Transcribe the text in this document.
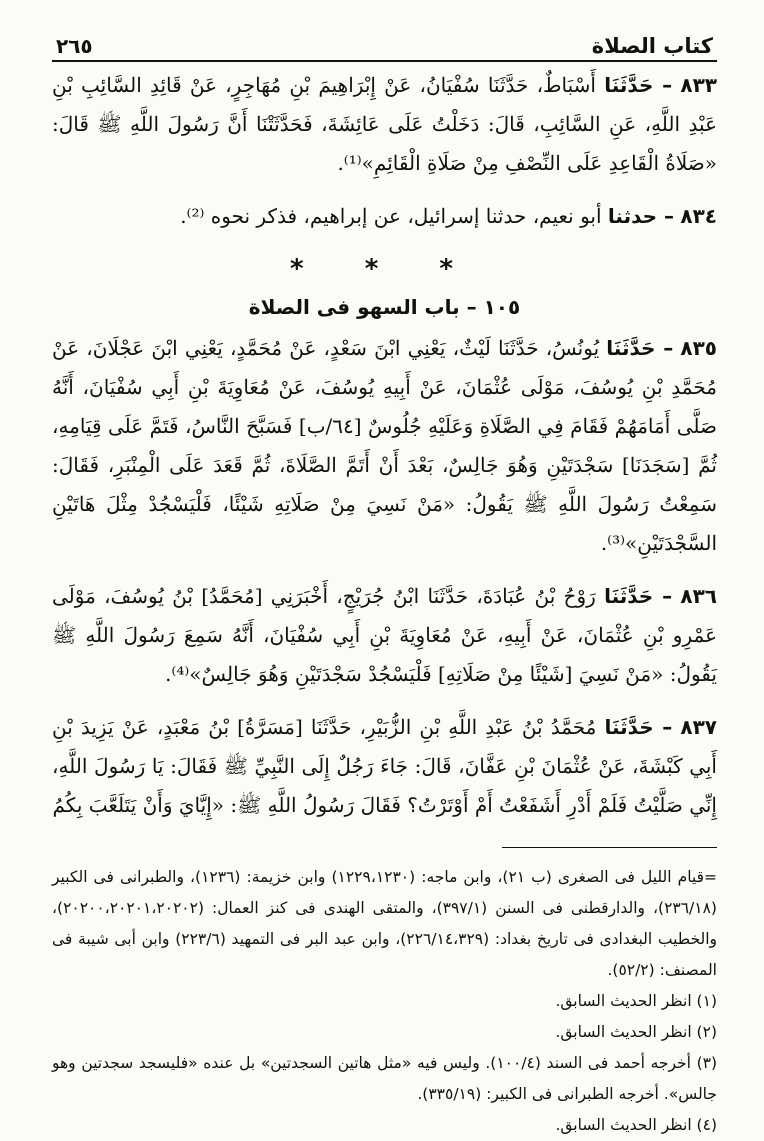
كتاب الصلاة
٢٦٥

٨٣٣ – حَدَّثَنَا أَسْبَاطٌ، حَدَّثَنَا سُفْيَانُ، عَنْ إِبْرَاهِيمَ بْنِ مُهَاجِرٍ، عَنْ قَائِدِ السَّائِبِ بْنِ عَبْدِ اللَّهِ، عَنِ السَّائِبِ، قَالَ: دَخَلْتُ عَلَى عَائِشَةَ، فَحَدَّثَتْنَا أَنَّ رَسُولَ اللَّهِ ﷺ قَالَ: «صَلَاةُ الْقَاعِدِ عَلَى النِّصْفِ مِنْ صَلَاةِ الْقَائِمِ»⁽¹⁾.

٨٣٤ – حدثنا أبو نعيم، حدثنا إسرائيل، عن إبراهيم، فذكر نحوه ⁽²⁾.

* * *
١٠٥ – باب السهو فى الصلاة

٨٣٥ – حَدَّثَنَا يُونُسُ، حَدَّثَنَا لَيْثٌ، يَعْنِي ابْنَ سَعْدٍ، عَنْ مُحَمَّدٍ، يَعْنِي ابْنَ عَجْلَانَ، عَنْ مُحَمَّدِ بْنِ يُوسُفَ، مَوْلَى عُثْمَانَ، عَنْ أَبِيهِ يُوسُفَ، عَنْ مُعَاوِيَةَ بْنِ أَبِي سُفْيَانَ، أَنَّهُ صَلَّى أَمَامَهُمْ فَقَامَ فِي الصَّلَاةِ وَعَلَيْهِ جُلُوسٌ [٦٤/ب] فَسَبَّحَ النَّاسُ، فَتَمَّ عَلَى قِيَامِهِ، ثُمَّ [سَجَدَنَا] سَجْدَتَيْنِ وَهُوَ جَالِسٌ، بَعْدَ أَنْ أَتَمَّ الصَّلَاةَ، ثُمَّ قَعَدَ عَلَى الْمِنْبَرِ، فَقَالَ: سَمِعْتُ رَسُولَ اللَّهِ ﷺ يَقُولُ: «مَنْ نَسِيَ مِنْ صَلَاتِهِ شَيْئًا، فَلْيَسْجُدْ مِثْلَ هَاتَيْنِ السَّجْدَتَيْنِ»⁽³⁾.

٨٣٦ – حَدَّثَنَا رَوْحُ بْنُ عُبَادَةَ، حَدَّثَنَا ابْنُ جُرَيْجٍ، أَخْبَرَنِي [مُحَمَّدُ] بْنُ يُوسُفَ، مَوْلَى عَمْرِو بْنِ عُثْمَانَ، عَنْ أَبِيهِ، عَنْ مُعَاوِيَةَ بْنِ أَبِي سُفْيَانَ، أَنَّهُ سَمِعَ رَسُولَ اللَّهِ ﷺ يَقُولُ: «مَنْ نَسِيَ [شَيْئًا مِنْ صَلَاتِهِ] فَلْيَسْجُدْ سَجْدَتَيْنِ وَهُوَ جَالِسٌ»⁽⁴⁾.

٨٣٧ – حَدَّثَنَا مُحَمَّدُ بْنُ عَبْدِ اللَّهِ بْنِ الزُّبَيْرِ، حَدَّثَنَا [مَسَرَّةُ] بْنُ مَعْبَدٍ، عَنْ يَزِيدَ بْنِ أَبِي كَبْشَةَ، عَنْ عُثْمَانَ بْنِ عَفَّانَ، قَالَ: جَاءَ رَجُلٌ إِلَى النَّبِيِّ ﷺ فَقَالَ: يَا رَسُولَ اللَّهِ، إِنِّي صَلَّيْتُ فَلَمْ أَدْرِ أَشَفَعْتُ أَمْ أَوْتَرْتُ؟ فَقَالَ رَسُولُ اللَّهِ ﷺ: «إِيَّايَ وَأَنْ يَتَلَعَّبَ بِكُمُ

=قيام الليل فى الصغرى (ب ٢١)، وابن ماجه: (١٢٢٩،١٢٣٠) وابن خزيمة: (١٢٣٦)، والطبرانى فى الكبير (٢٣٦/١٨)، والدارقطنى فى السنن (٣٩٧/١)، والمتقى الهندى فى كنز العمال: (٢٠٢٠٠،٢٠٢٠١،٢٠٢٠٢)، والخطيب البغدادى فى تاريخ بغداد: (٢٢٦/١٤،٣٢٩)، وابن عبد البر فى التمهيد (٢٢٣/٦) وابن أبى شيبة فى المصنف: (٥٢/٢).

(١) انظر الحديث السابق.

(٢) انظر الحديث السابق.

(٣) أخرجه أحمد فى السند (١٠٠/٤). وليس فيه «مثل هاتين السجدتين» بل عنده «فليسجد سجدتين وهو جالس». أخرجه الطبرانى فى الكبير: (٣٣٥/١٩).

(٤) انظر الحديث السابق.
